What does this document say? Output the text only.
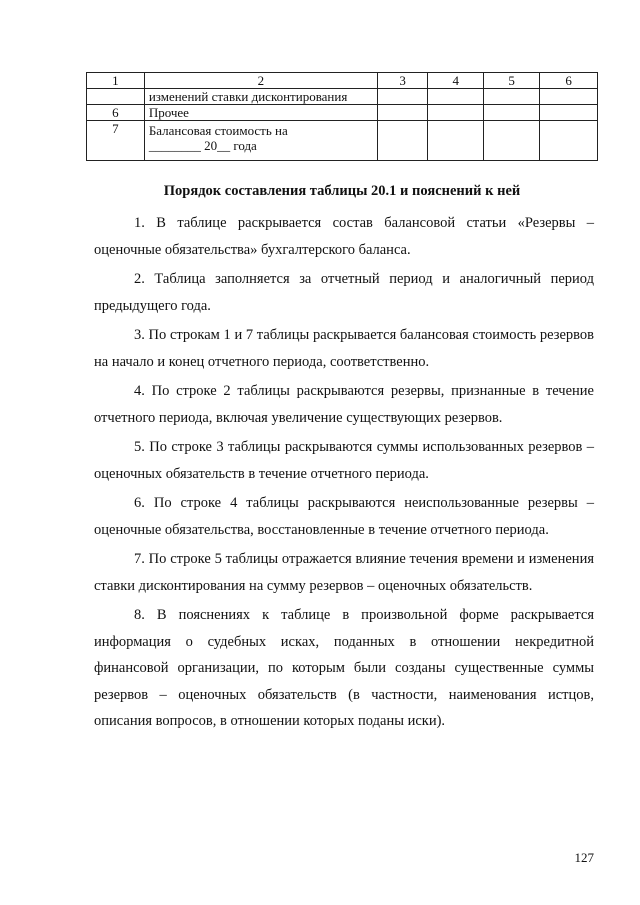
1	2	3	4	5	6
	изменений ставки дисконтирования				
6	Прочее				
7	Балансовая стоимость на ________ 20__ года				
Порядок составления таблицы 20.1 и пояснений к ней

1. В таблице раскрывается состав балансовой статьи «Резервы – оценочные обязательства» бухгалтерского баланса.

2. Таблица заполняется за отчетный период и аналогичный период предыдущего года.

3. По строкам 1 и 7 таблицы раскрывается балансовая стоимость резервов на начало и конец отчетного периода, соответственно.

4. По строке 2 таблицы раскрываются резервы, признанные в течение отчетного периода, включая увеличение существующих резервов.

5. По строке 3 таблицы раскрываются суммы использованных резервов – оценочных обязательств в течение отчетного периода.

6. По строке 4 таблицы раскрываются неиспользованные резервы – оценочные обязательства, восстановленные в течение отчетного периода.

7. По строке 5 таблицы отражается влияние течения времени и изменения ставки дисконтирования на сумму резервов – оценочных обязательств.

8. В пояснениях к таблице в произвольной форме раскрывается информация о судебных исках, поданных в отношении некредитной финансовой организации, по которым были созданы существенные суммы резервов – оценочных обязательств (в частности, наименования истцов, описания вопросов, в отношении которых поданы иски).

127
